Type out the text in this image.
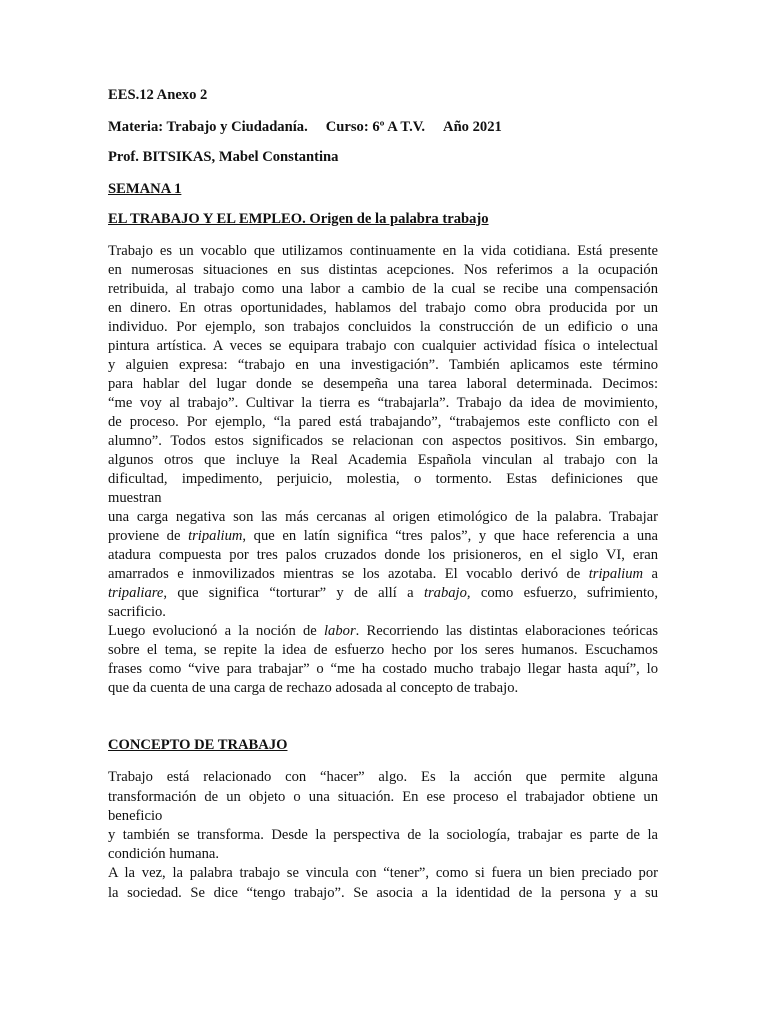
EES.12 Anexo 2
Materia: Trabajo y Ciudadanía. Curso: 6º A T.V. Año 2021
Prof. BITSIKAS, Mabel Constantina
SEMANA 1
EL TRABAJO Y EL EMPLEO. Origen de la palabra trabajo
Trabajo es un vocablo que utilizamos continuamente en la vida cotidiana. Está presente
en numerosas situaciones en sus distintas acepciones. Nos referimos a la ocupación
retribuida, al trabajo como una labor a cambio de la cual se recibe una compensación
en dinero. En otras oportunidades, hablamos del trabajo como obra producida por un
individuo. Por ejemplo, son trabajos concluidos la construcción de un edificio o una
pintura artística. A veces se equipara trabajo con cualquier actividad física o intelectual
y alguien expresa: “trabajo en una investigación”. También aplicamos este término
para hablar del lugar donde se desempeña una tarea laboral determinada. Decimos:
“me voy al trabajo”. Cultivar la tierra es “trabajarla”. Trabajo da idea de movimiento,
de proceso. Por ejemplo, “la pared está trabajando”, “trabajemos este conflicto con el
alumno”. Todos estos significados se relacionan con aspectos positivos. Sin embargo,
algunos otros que incluye la Real Academia Española vinculan al trabajo con la
dificultad, impedimento, perjuicio, molestia, o tormento. Estas definiciones que
muestran
una carga negativa son las más cercanas al origen etimológico de la palabra. Trabajar
proviene de tripalium, que en latín significa “tres palos”, y que hace referencia a una
atadura compuesta por tres palos cruzados donde los prisioneros, en el siglo VI, eran
amarrados e inmovilizados mientras se los azotaba. El vocablo derivó de tripalium a
tripaliare, que significa “torturar” y de allí a trabajo, como esfuerzo, sufrimiento,
sacrificio.
Luego evolucionó a la noción de labor. Recorriendo las distintas elaboraciones teóricas
sobre el tema, se repite la idea de esfuerzo hecho por los seres humanos. Escuchamos
frases como “vive para trabajar” o “me ha costado mucho trabajo llegar hasta aquí”, lo
que da cuenta de una carga de rechazo adosada al concepto de trabajo.
CONCEPTO DE TRABAJO
Trabajo está relacionado con “hacer” algo. Es la acción que permite alguna
transformación de un objeto o una situación. En ese proceso el trabajador obtiene un
beneficio
y también se transforma. Desde la perspectiva de la sociología, trabajar es parte de la
condición humana.
A la vez, la palabra trabajo se vincula con “tener”, como si fuera un bien preciado por
la sociedad. Se dice “tengo trabajo”. Se asocia a la identidad de la persona y a su
